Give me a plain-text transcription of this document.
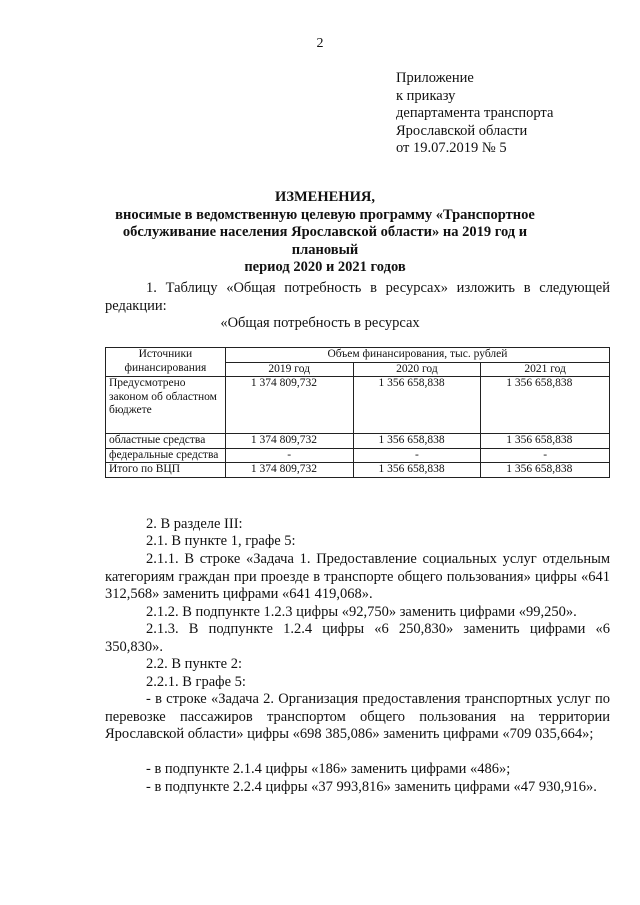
2
Приложение
к приказу
департамента транспорта
Ярославской области
от 19.07.2019 № 5
ИЗМЕНЕНИЯ,
вносимые в ведомственную целевую программу «Транспортное
обслуживание населения Ярославской области» на 2019 год и плановый
период 2020 и 2021 годов
1. Таблицу «Общая потребность в ресурсах» изложить в следующей редакции:
«Общая потребность в ресурсах
Источники финансирования	Объем финансирования, тыс. рублей		
	2019 год	2020 год	2021 год
Предусмотрено законом об областном бюджете	1 374 809,732	1 356 658,838	1 356 658,838
областные средства	1 374 809,732	1 356 658,838	1 356 658,838
федеральные средства	-	-	-
Итого по ВЦП	1 374 809,732	1 356 658,838	1 356 658,838
2. В разделе III:
2.1. В пункте 1, графе 5:
2.1.1. В строке «Задача 1. Предоставление социальных услуг отдельным категориям граждан при проезде в транспорте общего пользования» цифры «641 312,568» заменить цифрами «641 419,068».
2.1.2. В подпункте 1.2.3 цифры «92,750» заменить цифрами «99,250».
2.1.3. В подпункте 1.2.4 цифры «6 250,830» заменить цифрами «6 350,830».
2.2. В пункте 2:
2.2.1. В графе 5:
- в строке «Задача 2. Организация предоставления транспортных услуг по перевозке пассажиров транспортом общего пользования на территории Ярославской области» цифры «698 385,086» заменить цифрами «709 035,664»;
- в подпункте 2.1.4 цифры «186» заменить цифрами «486»;
- в подпункте 2.2.4 цифры «37 993,816» заменить цифрами «47 930,916».
